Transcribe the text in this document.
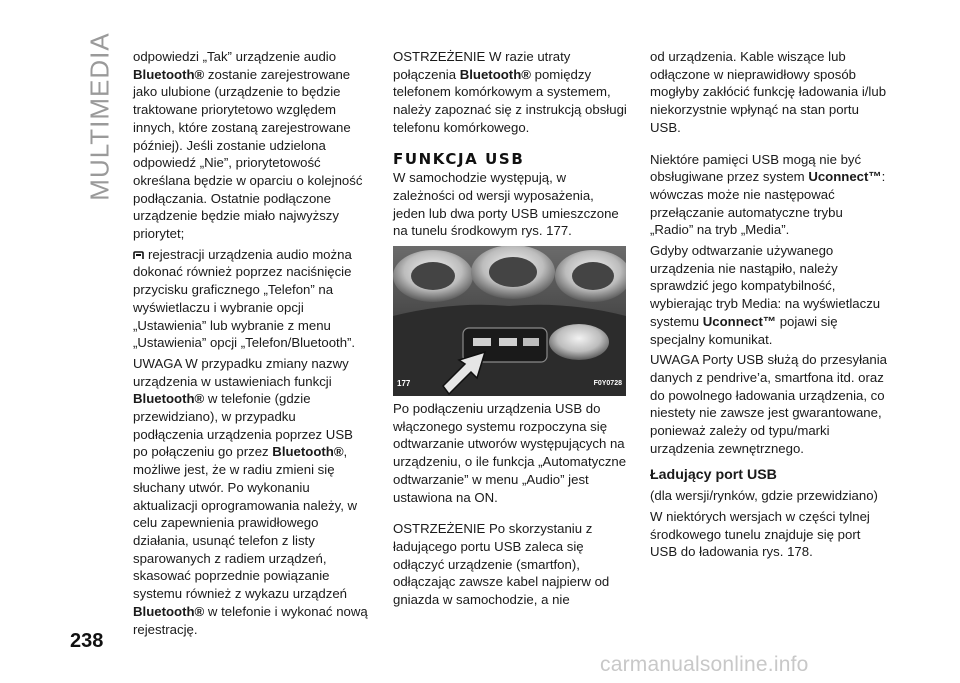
MULTIMEDIA odpowiedzi „Tak” urządzenie audio
Bluetooth® zostanie zarejestrowane jako ulubione (urządzenie to będzie traktowane priorytetowo względem innych, które zostaną zarejestrowane później). Jeśli zostanie udzielona odpowiedź „Nie”, priorytetowość określana będzie w oparciu o kolejność podłączania. Ostatnie podłączone urządzenie będzie miało najwyższy priorytet;

rejestracji urządzenia audio można dokonać również poprzez naciśnięcie przycisku graficznego „Telefon” na wyświetlaczu i wybranie opcji „Ustawienia” lub wybranie z menu „Ustawienia” opcji „Telefon/Bluetooth”.

UWAGA W przypadku zmiany nazwy urządzenia w ustawieniach funkcji Bluetooth® w telefonie (gdzie przewidziano), w przypadku podłączenia urządzenia poprzez USB po połączeniu go przez Bluetooth®, możliwe jest, że w radiu zmieni się słuchany utwór. Po wykonaniu aktualizacji oprogramowania należy, w celu zapewnienia prawidłowego działania, usunąć telefon z listy sparowanych z radiem urządzeń, skasować poprzednie powiązanie systemu również z wykazu urządzeń Bluetooth® w telefonie i wykonać nową rejestrację.

OSTRZEŻENIE W razie utraty połączenia Bluetooth® pomiędzy telefonem komórkowym a systemem, należy zapoznać się z instrukcją obsługi telefonu komórkowego.

FUNKCJA USB

W samochodzie występują, w zależności od wersji wyposażenia, jeden lub dwa porty USB umieszczone na tunelu środkowym rys. 177.

177	F0Y0728

Po podłączeniu urządzenia USB do włączonego systemu rozpoczyna się odtwarzanie utworów występujących na urządzeniu, o ile funkcja „Automatyczne odtwarzanie” w menu „Audio” jest ustawiona na ON.

OSTRZEŻENIE Po skorzystaniu z ładującego portu USB zaleca się odłączyć urządzenie (smartfon), odłączając zawsze kabel najpierw od gniazda w samochodzie, a nie

od urządzenia. Kable wiszące lub odłączone w nieprawidłowy sposób mogłyby zakłócić funkcję ładowania i/lub niekorzystnie wpłynąć na stan portu USB.

Niektóre pamięci USB mogą nie być obsługiwane przez system Uconnect™: wówczas może nie następować przełączanie automatyczne trybu „Radio” na tryb „Media”.

Gdyby odtwarzanie używanego urządzenia nie nastąpiło, należy sprawdzić jego kompatybilność, wybierając tryb Media: na wyświetlaczu systemu Uconnect™ pojawi się specjalny komunikat.

UWAGA Porty USB służą do przesyłania danych z pendrive’a, smartfona itd. oraz do powolnego ładowania urządzenia, co niestety nie zawsze jest gwarantowane, ponieważ zależy od typu/marki urządzenia zewnętrznego.

Ładujący port USB

(dla wersji/rynków, gdzie przewidziano)

W niektórych wersjach w części tylnej środkowego tunelu znajduje się port USB do ładowania rys. 178.

238
carmanualsonline.info
